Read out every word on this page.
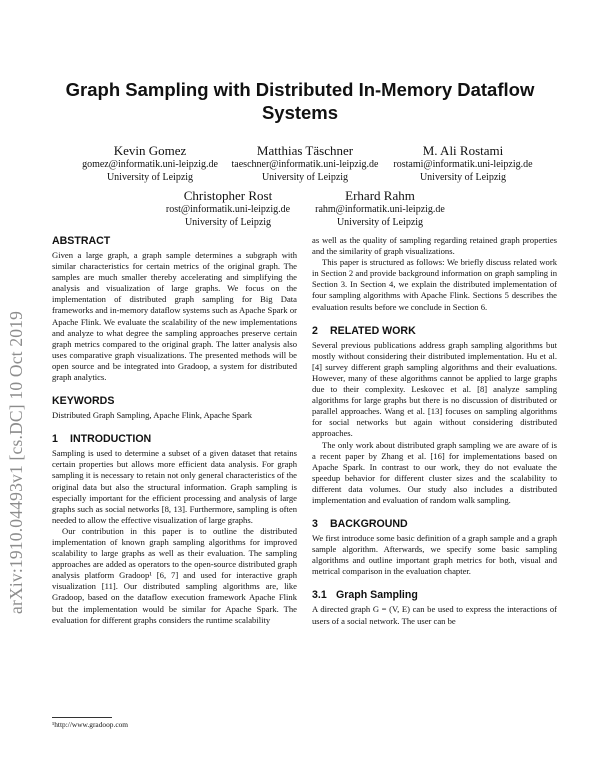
arXiv:1910.04493v1 [cs.DC] 10 Oct 2019
Graph Sampling with Distributed In-Memory Dataflow Systems
Kevin Gomez
gomez@informatik.uni-leipzig.de
University of Leipzig
Matthias Täschner
taeschner@informatik.uni-leipzig.de
University of Leipzig
M. Ali Rostami
rostami@informatik.uni-leipzig.de
University of Leipzig
Christopher Rost
rost@informatik.uni-leipzig.de
University of Leipzig
Erhard Rahm
rahm@informatik.uni-leipzig.de
University of Leipzig
ABSTRACT

Given a large graph, a graph sample determines a subgraph with similar characteristics for certain metrics of the original graph. The samples are much smaller thereby accelerating and simplifying the analysis and visualization of large graphs. We focus on the implementation of distributed graph sampling for Big Data frameworks and in-memory dataflow systems such as Apache Spark or Apache Flink. We evaluate the scalability of the new implementations and analyze to what degree the sampling approaches preserve certain graph metrics compared to the original graph. The latter analysis also uses comparative graph visualizations. The presented methods will be open source and be integrated into Gradoop, a system for distributed graph analytics.

KEYWORDS

Distributed Graph Sampling, Apache Flink, Apache Spark

1 INTRODUCTION

Sampling is used to determine a subset of a given dataset that retains certain properties but allows more efficient data analysis. For graph sampling it is necessary to retain not only general characteristics of the original data but also the structural information. Graph sampling is especially important for the efficient processing and analysis of large graphs such as social networks [8, 13]. Furthermore, sampling is often needed to allow the effective visualization of large graphs.

Our contribution in this paper is to outline the distributed implementation of known graph sampling algorithms for improved scalability to large graphs as well as their evaluation. The sampling approaches are added as operators to the open-source distributed graph analysis platform Gradoop¹ [6, 7] and used for interactive graph visualization [11]. Our distributed sampling algorithms are, like Gradoop, based on the dataflow execution framework Apache Flink but the implementation would be similar for Apache Spark. The evaluation for different graphs considers the runtime scalability

¹http://www.gradoop.com

as well as the quality of sampling regarding retained graph properties and the similarity of graph visualizations.

This paper is structured as follows: We briefly discuss related work in Section 2 and provide background information on graph sampling in Section 3. In Section 4, we explain the distributed implementation of four sampling algorithms with Apache Flink. Sections 5 describes the evaluation results before we conclude in Section 6.

2 RELATED WORK

Several previous publications address graph sampling algorithms but mostly without considering their distributed implementation. Hu et al. [4] survey different graph sampling algorithms and their evaluations. However, many of these algorithms cannot be applied to large graphs due to their complexity. Leskovec et al. [8] analyze sampling algorithms for large graphs but there is no discussion of distributed or parallel approaches. Wang et al. [13] focuses on sampling algorithms for social networks but again without considering distributed approaches.

The only work about distributed graph sampling we are aware of is a recent paper by Zhang et al. [16] for implementations based on Apache Spark. In contrast to our work, they do not evaluate the speedup behavior for different cluster sizes and the scalability to different data volumes. Our study also includes a distributed implementation and evaluation of random walk sampling.

3 BACKGROUND

We first introduce some basic definition of a graph sample and a graph sample algorithm. Afterwards, we specify some basic sampling algorithms and outline important graph metrics for both, visual and metrical comparison in the evaluation chapter.

3.1 Graph Sampling

A directed graph G = (V, E) can be used to express the interactions of users of a social network. The user can be
